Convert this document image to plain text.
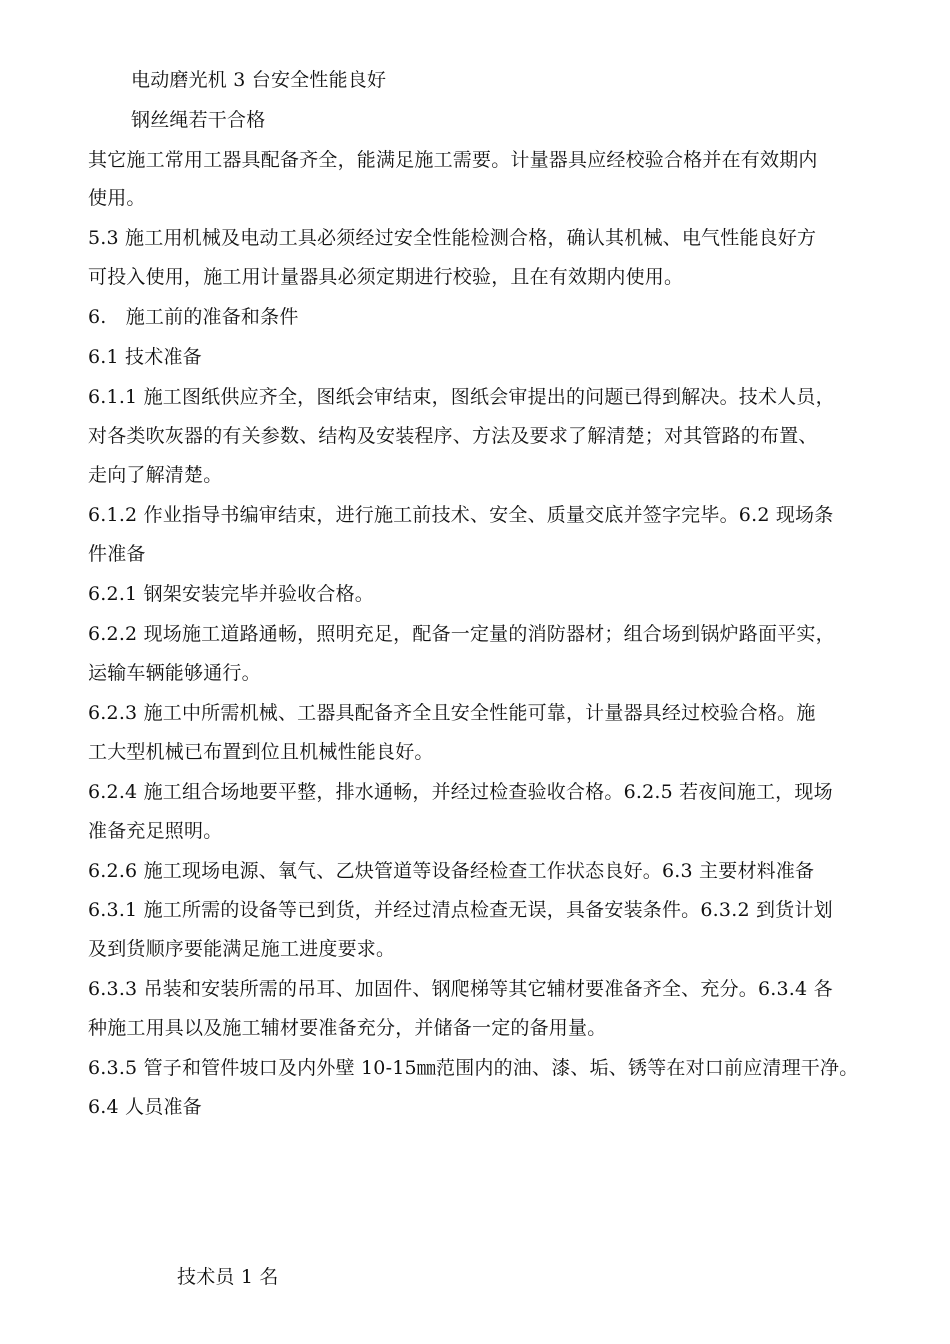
电动磨光机 3 台安全性能良好
钢丝绳若干合格
其它施工常用工器具配备齐全，能满足施工需要。计量器具应经校验合格并在有效期内
使用。
5.3 施工用机械及电动工具必须经过安全性能检测合格，确认其机械、电气性能良好方
可投入使用，施工用计量器具必须定期进行校验，且在有效期内使用。
6.　施工前的准备和条件
6.1 技术准备
6.1.1 施工图纸供应齐全，图纸会审结束，图纸会审提出的问题已得到解决。技术人员，
对各类吹灰器的有关参数、结构及安装程序、方法及要求了解清楚；对其管路的布置、
走向了解清楚。
6.1.2 作业指导书编审结束，进行施工前技术、安全、质量交底并签字完毕。6.2 现场条
件准备
6.2.1 钢架安装完毕并验收合格。
6.2.2 现场施工道路通畅，照明充足，配备一定量的消防器材；组合场到锅炉路面平实，
运输车辆能够通行。
6.2.3 施工中所需机械、工器具配备齐全且安全性能可靠，计量器具经过校验合格。施
工大型机械已布置到位且机械性能良好。
6.2.4 施工组合场地要平整，排水通畅，并经过检查验收合格。6.2.5 若夜间施工，现场
准备充足照明。
6.2.6 施工现场电源、氧气、乙炔管道等设备经检查工作状态良好。6.3 主要材料准备
6.3.1 施工所需的设备等已到货，并经过清点检查无误，具备安装条件。6.3.2 到货计划
及到货顺序要能满足施工进度要求。
6.3.3 吊装和安装所需的吊耳、加固件、钢爬梯等其它辅材要准备齐全、充分。6.3.4 各
种施工用具以及施工辅材要准备充分，并储备一定的备用量。
6.3.5 管子和管件坡口及内外壁 10-15㎜范围内的油、漆、垢、锈等在对口前应清理干净。
6.4 人员准备
技术员 1 名
